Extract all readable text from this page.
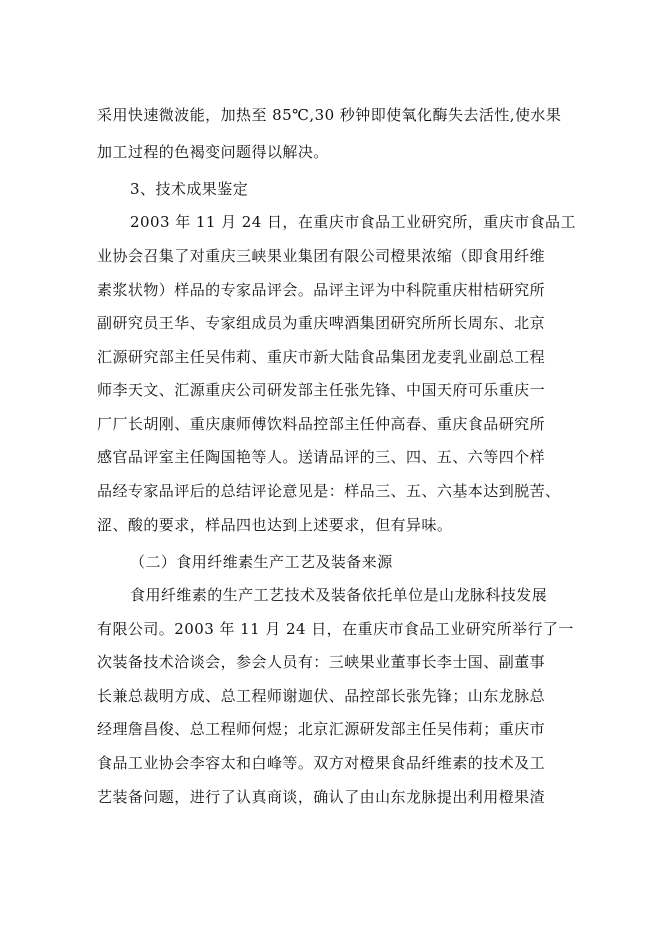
采用快速微波能，加热至 85℃,30 秒钟即使氧化酶失去活性,使水果
加工过程的色褐变问题得以解决。
3、技术成果鉴定
2003 年 11 月 24 日，在重庆市食品工业研究所，重庆市食品工
业协会召集了对重庆三峡果业集团有限公司橙果浓缩（即食用纤维
素浆状物）样品的专家品评会。品评主评为中科院重庆柑桔研究所
副研究员王华、专家组成员为重庆啤酒集团研究所所长周东、北京
汇源研究部主任吴伟莉、重庆市新大陆食品集团龙麦乳业副总工程
师李天文、汇源重庆公司研发部主任张先锋、中国天府可乐重庆一
厂厂长胡刚、重庆康师傅饮料品控部主任仲高春、重庆食品研究所
感官品评室主任陶国艳等人。送请品评的三、四、五、六等四个样
品经专家品评后的总结评论意见是：样品三、五、六基本达到脱苦、
涩、酸的要求，样品四也达到上述要求，但有异味。
（二）食用纤维素生产工艺及装备来源
食用纤维素的生产工艺技术及装备依托单位是山龙脉科技发展
有限公司。2003 年 11 月 24 日，在重庆市食品工业研究所举行了一
次装备技术洽谈会，参会人员有：三峡果业董事长李士国、副董事
长兼总裁明方成、总工程师谢迦伏、品控部长张先锋；山东龙脉总
经理詹昌俊、总工程师何煜；北京汇源研发部主任吴伟莉；重庆市
食品工业协会李容太和白峰等。双方对橙果食品纤维素的技术及工
艺装备问题，进行了认真商谈，确认了由山东龙脉提出利用橙果渣
